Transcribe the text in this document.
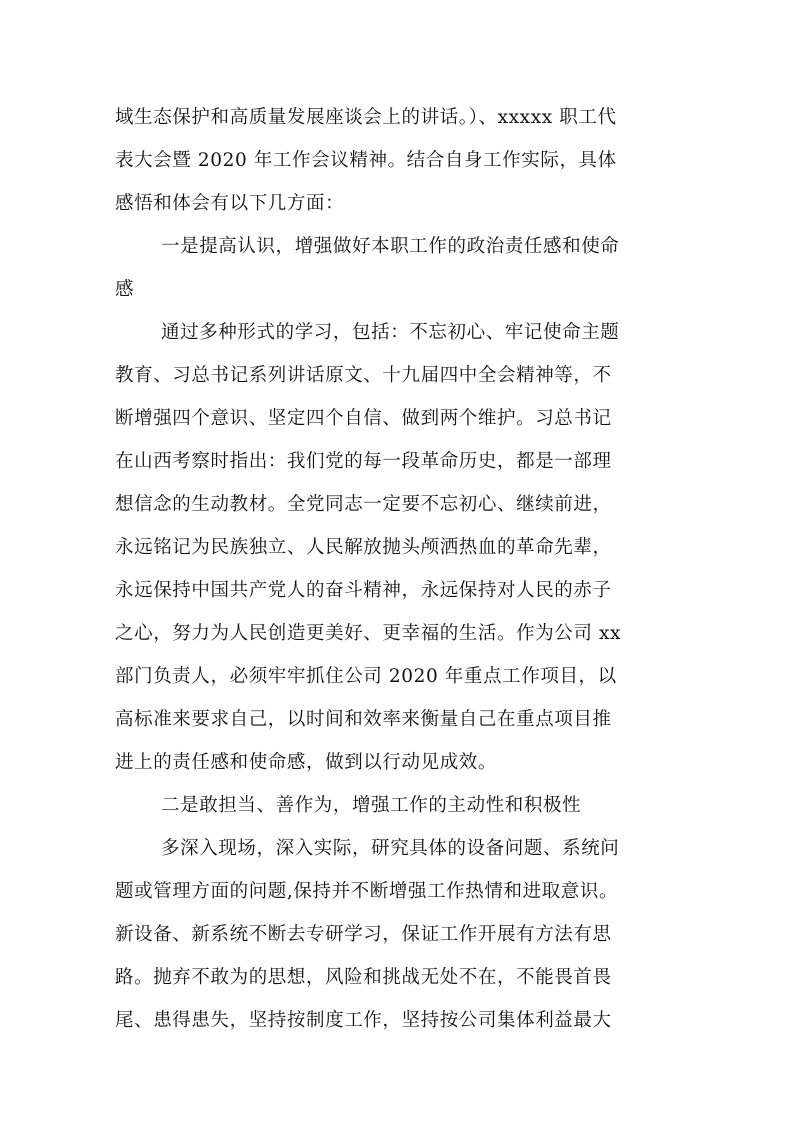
域生态保护和高质量发展座谈会上的讲话。）、xxxxx 职工代
表大会暨 2020 年工作会议精神。结合自身工作实际，具体
感悟和体会有以下几方面：
一是提高认识，增强做好本职工作的政治责任感和使命
感
通过多种形式的学习，包括：不忘初心、牢记使命主题
教育、习总书记系列讲话原文、十九届四中全会精神等，不
断增强四个意识、坚定四个自信、做到两个维护。习总书记
在山西考察时指出：我们党的每一段革命历史，都是一部理
想信念的生动教材。全党同志一定要不忘初心、继续前进，
永远铭记为民族独立、人民解放抛头颅洒热血的革命先辈，
永远保持中国共产党人的奋斗精神，永远保持对人民的赤子
之心，努力为人民创造更美好、更幸福的生活。作为公司 xx
部门负责人，必须牢牢抓住公司 2020 年重点工作项目，以
高标准来要求自己，以时间和效率来衡量自己在重点项目推
进上的责任感和使命感，做到以行动见成效。
二是敢担当、善作为，增强工作的主动性和积极性
多深入现场，深入实际，研究具体的设备问题、系统问
题或管理方面的问题,保持并不断增强工作热情和进取意识。
新设备、新系统不断去专研学习，保证工作开展有方法有思
路。抛弃不敢为的思想，风险和挑战无处不在，不能畏首畏
尾、患得患失，坚持按制度工作，坚持按公司集体利益最大
